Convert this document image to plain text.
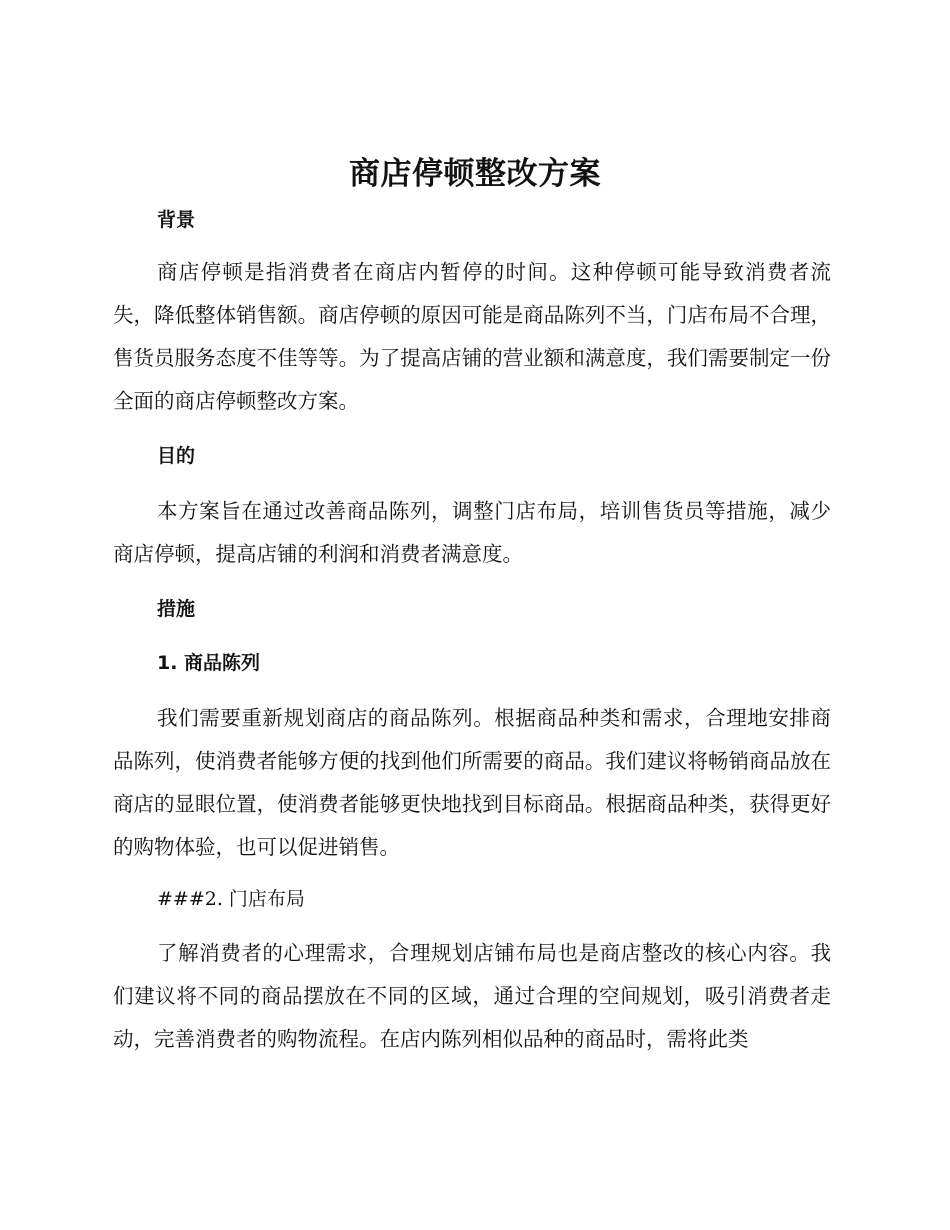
商店停顿整改方案
背景

商店停顿是指消费者在商店内暂停的时间。这种停顿可能导致消费者流失，降低整体销售额。商店停顿的原因可能是商品陈列不当，门店布局不合理，售货员服务态度不佳等等。为了提高店铺的营业额和满意度，我们需要制定一份全面的商店停顿整改方案。

目的

本方案旨在通过改善商品陈列，调整门店布局，培训售货员等措施，减少商店停顿，提高店铺的利润和消费者满意度。

措施
1. 商品陈列

我们需要重新规划商店的商品陈列。根据商品种类和需求，合理地安排商品陈列，使消费者能够方便的找到他们所需要的商品。我们建议将畅销商品放在商店的显眼位置，使消费者能够更快地找到目标商品。根据商品种类，获得更好的购物体验，也可以促进销售。

###2. 门店布局

了解消费者的心理需求，合理规划店铺布局也是商店整改的核心内容。我们建议将不同的商品摆放在不同的区域，通过合理的空间规划，吸引消费者走动，完善消费者的购物流程。在店内陈列相似品种的商品时，需将此类
